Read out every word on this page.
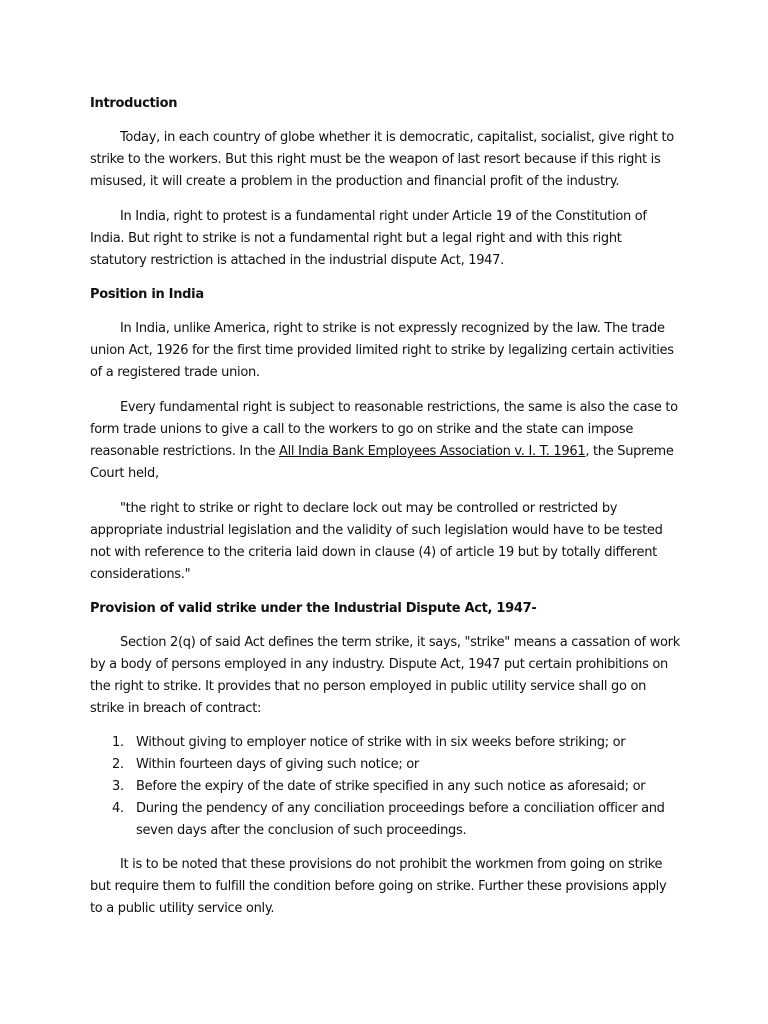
Introduction

Today, in each country of globe whether it is democratic, capitalist, socialist, give right to strike to the workers. But this right must be the weapon of last resort because if this right is misused, it will create a problem in the production and financial profit of the industry.

In India, right to protest is a fundamental right under Article 19 of the Constitution of India. But right to strike is not a fundamental right but a legal right and with this right statutory restriction is attached in the industrial dispute Act, 1947.

Position in India

In India, unlike America, right to strike is not expressly recognized by the law. The trade union Act, 1926 for the first time provided limited right to strike by legalizing certain activities of a registered trade union.

Every fundamental right is subject to reasonable restrictions, the same is also the case to form trade unions to give a call to the workers to go on strike and the state can impose reasonable restrictions. In the All India Bank Employees Association v. I. T. 1961, the Supreme Court held,

"the right to strike or right to declare lock out may be controlled or restricted by appropriate industrial legislation and the validity of such legislation would have to be tested not with reference to the criteria laid down in clause (4) of article 19 but by totally different considerations."

Provision of valid strike under the Industrial Dispute Act, 1947-

Section 2(q) of said Act defines the term strike, it says, "strike" means a cassation of work by a body of persons employed in any industry. Dispute Act, 1947 put certain prohibitions on the right to strike. It provides that no person employed in public utility service shall go on strike in breach of contract:

1. Without giving to employer notice of strike with in six weeks before striking; or
2. Within fourteen days of giving such notice; or
3. Before the expiry of the date of strike specified in any such notice as aforesaid; or
4. During the pendency of any conciliation proceedings before a conciliation officer and seven days after the conclusion of such proceedings.

It is to be noted that these provisions do not prohibit the workmen from going on strike but require them to fulfill the condition before going on strike. Further these provisions apply to a public utility service only.
